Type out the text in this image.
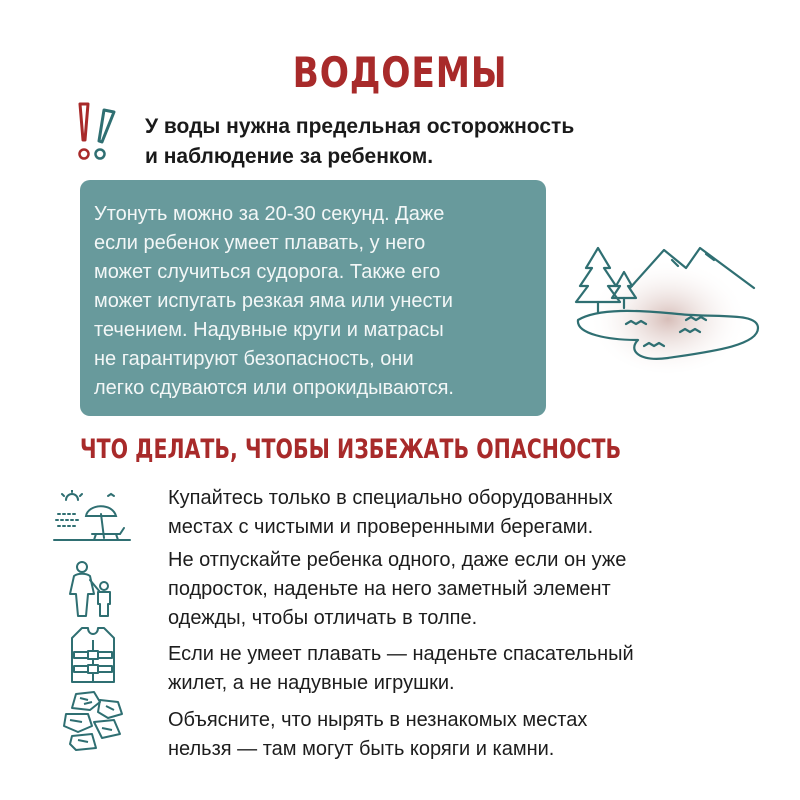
ВОДОЕМЫ
У воды нужна предельная осторожность
и наблюдение за ребенком.
Утонуть можно за 20-30 секунд. Даже
если ребенок умеет плавать, у него
может случиться судорога. Также его
может испугать резкая яма или унести
течением. Надувные круги и матрасы
не гарантируют безопасность, они
легко сдуваются или опрокидываются.
ЧТО ДЕЛАТЬ, ЧТОБЫ ИЗБЕЖАТЬ ОПАСНОСТЬ
Купайтесь только в специально оборудованных
местах с чистыми и проверенными берегами.
Не отпускайте ребенка одного, даже если он уже
подросток, наденьте на него заметный элемент
одежды, чтобы отличать в толпе.
Если не умеет плавать — наденьте спасательный
жилет, а не надувные игрушки.
Объясните, что нырять в незнакомых местах
нельзя — там могут быть коряги и камни.
